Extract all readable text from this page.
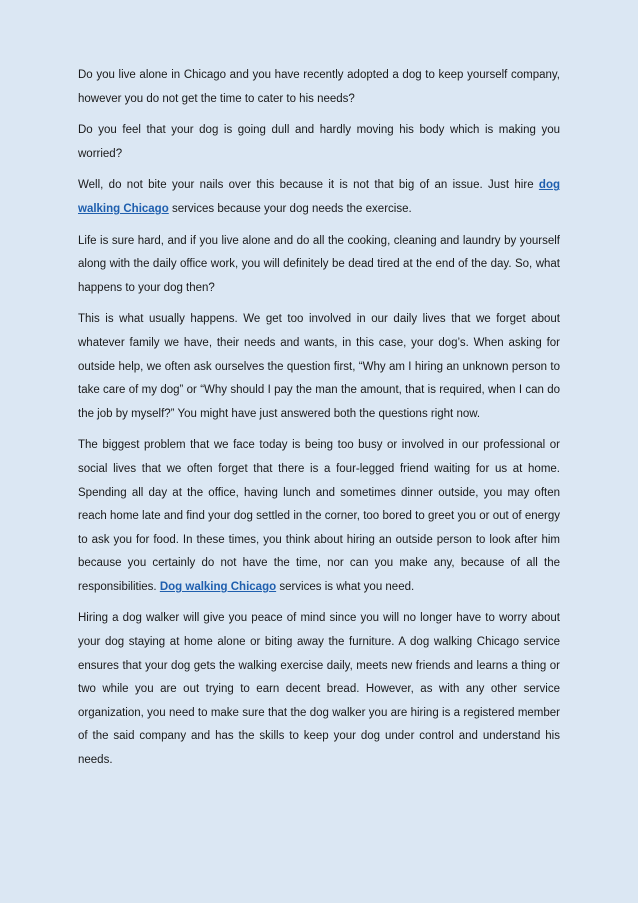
Do you live alone in Chicago and you have recently adopted a dog to keep yourself company, however you do not get the time to cater to his needs?

Do you feel that your dog is going dull and hardly moving his body which is making you worried?

Well, do not bite your nails over this because it is not that big of an issue. Just hire dog walking Chicago services because your dog needs the exercise.

Life is sure hard, and if you live alone and do all the cooking, cleaning and laundry by yourself along with the daily office work, you will definitely be dead tired at the end of the day. So, what happens to your dog then?

This is what usually happens. We get too involved in our daily lives that we forget about whatever family we have, their needs and wants, in this case, your dog’s. When asking for outside help, we often ask ourselves the question first, “Why am I hiring an unknown person to take care of my dog” or “Why should I pay the man the amount, that is required, when I can do the job by myself?” You might have just answered both the questions right now.

The biggest problem that we face today is being too busy or involved in our professional or social lives that we often forget that there is a four-legged friend waiting for us at home. Spending all day at the office, having lunch and sometimes dinner outside, you may often reach home late and find your dog settled in the corner, too bored to greet you or out of energy to ask you for food. In these times, you think about hiring an outside person to look after him because you certainly do not have the time, nor can you make any, because of all the responsibilities. Dog walking Chicago services is what you need.

Hiring a dog walker will give you peace of mind since you will no longer have to worry about your dog staying at home alone or biting away the furniture. A dog walking Chicago service ensures that your dog gets the walking exercise daily, meets new friends and learns a thing or two while you are out trying to earn decent bread. However, as with any other service organization, you need to make sure that the dog walker you are hiring is a registered member of the said company and has the skills to keep your dog under control and understand his needs.
